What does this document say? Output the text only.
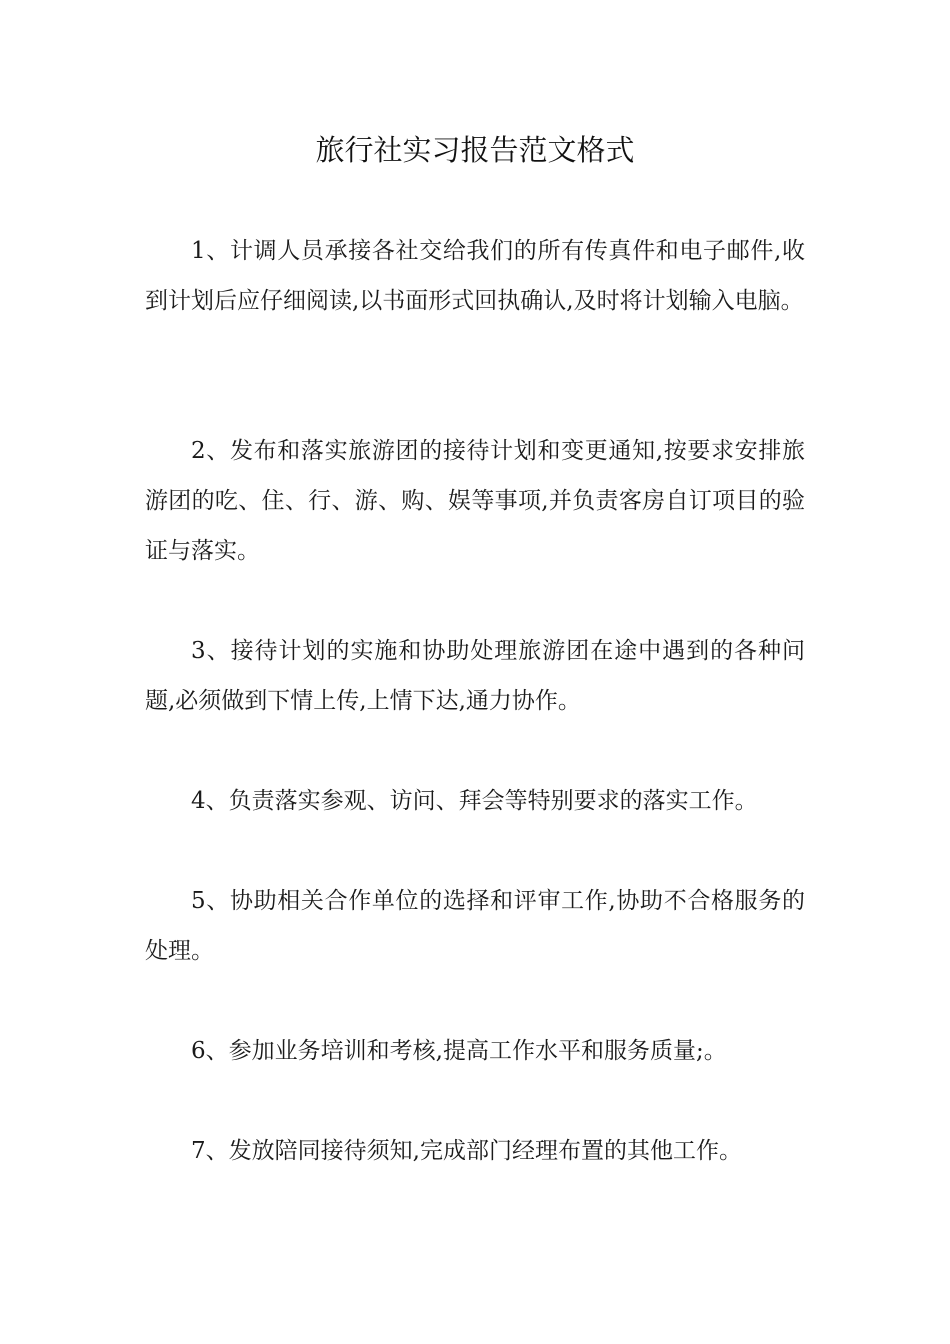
旅行社实习报告范文格式

1、计调人员承接各社交给我们的所有传真件和电子邮件,收到计划后应仔细阅读,以书面形式回执确认,及时将计划输入电脑。

2、发布和落实旅游团的接待计划和变更通知,按要求安排旅游团的吃、住、行、游、购、娱等事项,并负责客房自订项目的验证与落实。

3、接待计划的实施和协助处理旅游团在途中遇到的各种问题,必须做到下情上传,上情下达,通力协作。

4、负责落实参观、访问、拜会等特别要求的落实工作。

5、协助相关合作单位的选择和评审工作,协助不合格服务的处理。

6、参加业务培训和考核,提高工作水平和服务质量;。

7、发放陪同接待须知,完成部门经理布置的其他工作。
